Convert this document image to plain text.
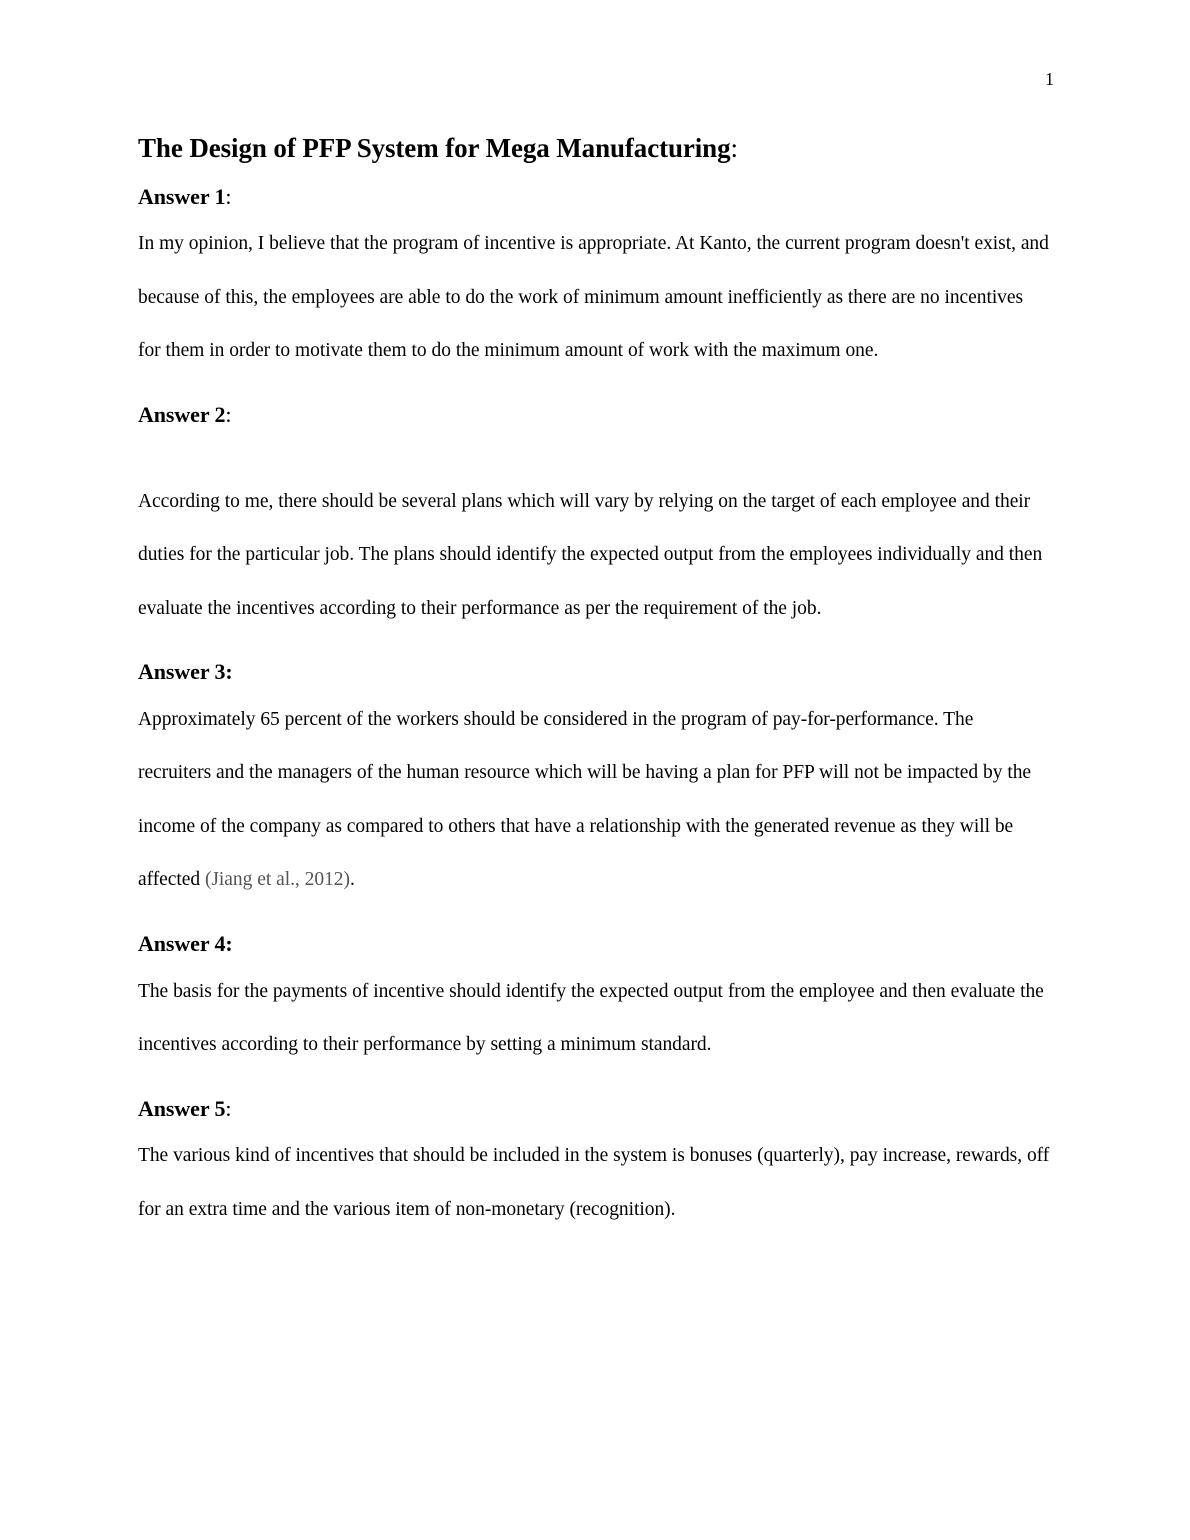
1
The Design of PFP System for Mega Manufacturing:
Answer 1:

In my opinion, I believe that the program of incentive is appropriate. At Kanto, the current program doesn't exist, and because of this, the employees are able to do the work of minimum amount inefficiently as there are no incentives for them in order to motivate them to do the minimum amount of work with the maximum one.

Answer 2:

According to me, there should be several plans which will vary by relying on the target of each employee and their duties for the particular job. The plans should identify the expected output from the employees individually and then evaluate the incentives according to their performance as per the requirement of the job.

Answer 3:

Approximately 65 percent of the workers should be considered in the program of pay-for-performance. The recruiters and the managers of the human resource which will be having a plan for PFP will not be impacted by the income of the company as compared to others that have a relationship with the generated revenue as they will be affected (Jiang et al., 2012).

Answer 4:

The basis for the payments of incentive should identify the expected output from the employee and then evaluate the incentives according to their performance by setting a minimum standard.

Answer 5:

The various kind of incentives that should be included in the system is bonuses (quarterly), pay increase, rewards, off for an extra time and the various item of non-monetary (recognition).
